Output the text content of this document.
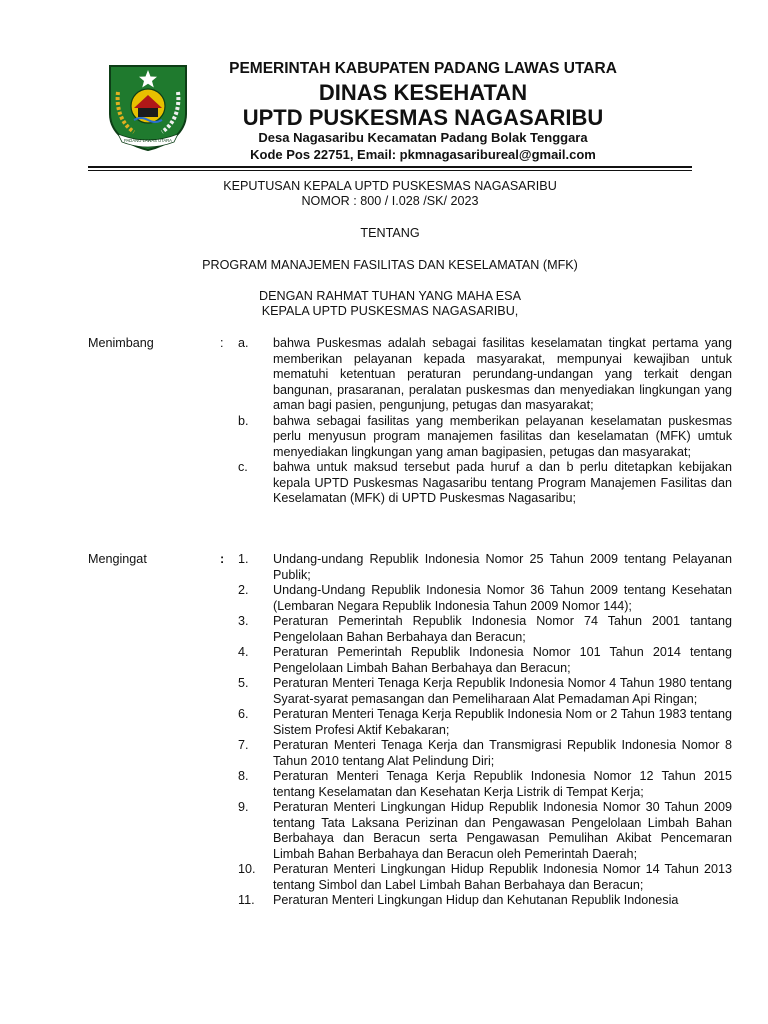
PADANG LAWAS UTARA
PEMERINTAH KABUPATEN PADANG LAWAS UTARA
DINAS KESEHATAN
UPTD PUSKESMAS NAGASARIBU
Desa Nagasaribu Kecamatan Padang Bolak Tenggara
Kode Pos 22751, Email: pkmnagasaribureal@gmail.com
KEPUTUSAN KEPALA UPTD PUSKESMAS NAGASARIBU
NOMOR : 800 / I.028 /SK/ 2023
TENTANG
PROGRAM MANAJEMEN FASILITAS DAN KESELAMATAN (MFK)
DENGAN RAHMAT TUHAN YANG MAHA ESA
KEPALA UPTD PUSKESMAS NAGASARIBU,
Menimbang	: a.	bahwa Puskesmas adalah sebagai fasilitas keselamatan tingkat pertama yang memberikan pelayanan kepada masyarakat, mempunyai kewajiban untuk mematuhi ketentuan peraturan perundang-undangan yang terkait dengan bangunan, prasaranan, peralatan puskesmas dan menyediakan lingkungan yang aman bagi pasien, pengunjung, petugas dan masyarakat;
b.	bahwa sebagai fasilitas yang memberikan pelayanan keselamatan puskesmas perlu menyusun program manajemen fasilitas dan keselamatan (MFK) umtuk menyediakan lingkungan yang aman bagipasien, petugas dan masyarakat;
c.	bahwa untuk maksud tersebut pada huruf a dan b perlu ditetapkan kebijakan kepala UPTD Puskesmas Nagasaribu tentang Program Manajemen Fasilitas dan Keselamatan (MFK) di UPTD Puskesmas Nagasaribu;
Mengingat	: 1.	Undang-undang Republik Indonesia Nomor 25 Tahun 2009 tentang Pelayanan Publik;
2.	Undang-Undang Republik Indonesia Nomor 36 Tahun 2009 tentang Kesehatan (Lembaran Negara Republik Indonesia Tahun 2009 Nomor 144);
3.	Peraturan Pemerintah Republik Indonesia Nomor 74 Tahun 2001 tantang Pengelolaan Bahan Berbahaya dan Beracun;
4.	Peraturan Pemerintah Republik Indonesia Nomor 101 Tahun 2014 tentang Pengelolaan Limbah Bahan Berbahaya dan Beracun;
5.	Peraturan Menteri Tenaga Kerja Republik Indonesia Nomor 4 Tahun 1980 tentang Syarat-syarat pemasangan dan Pemeliharaan Alat Pemadaman Api Ringan;
6.	Peraturan Menteri Tenaga Kerja Republik Indonesia Nom or 2 Tahun 1983 tentang Sistem Profesi Aktif Kebakaran;
7.	Peraturan Menteri Tenaga Kerja dan Transmigrasi Republik Indonesia Nomor 8 Tahun 2010 tentang Alat Pelindung Diri;
8.	Peraturan Menteri Tenaga Kerja Republik Indonesia Nomor 12 Tahun 2015 tentang Keselamatan dan Kesehatan Kerja Listrik di Tempat Kerja;
9.	Peraturan Menteri Lingkungan Hidup Republik Indonesia Nomor 30 Tahun 2009 tentang Tata Laksana Perizinan dan Pengawasan Pengelolaan Limbah Bahan Berbahaya dan Beracun serta Pengawasan Pemulihan Akibat Pencemaran Limbah Bahan Berbahaya dan Beracun oleh Pemerintah Daerah;
10.	Peraturan Menteri Lingkungan Hidup Republik Indonesia Nomor 14 Tahun 2013 tentang Simbol dan Label Limbah Bahan Berbahaya dan Beracun;
11.	Peraturan Menteri Lingkungan Hidup dan Kehutanan Republik Indonesia
